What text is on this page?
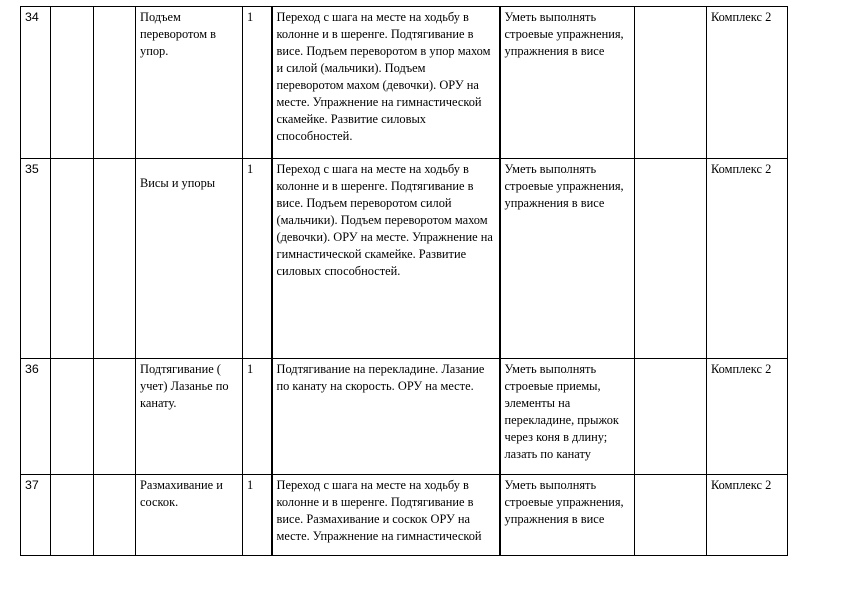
34			Подъем переворотом в упор.	1	Переход с шага на месте на ходьбу в колонне и в шеренге. Подтягивание в висе. Подъем переворотом в упор махом и силой (мальчики). Подъем переворотом махом (девочки). ОРУ на месте. Упражнение на гимнастической скамейке. Развитие силовых способностей.	Уметь выполнять строевые упражнения, упражнения в висе		Комплекс 2
35			Висы и упоры	1	Переход с шага на месте на ходьбу в колонне и в шеренге. Подтягивание в висе. Подъем переворотом силой (мальчики). Подъем переворотом махом (девочки). ОРУ на месте. Упражнение на гимнастической скамейке. Развитие силовых способностей.	Уметь выполнять строевые упражнения, упражнения в висе		Комплекс 2
36			Подтягивание ( учет) Лазанье по канату.	1	Подтягивание на перекладине. Лазание по канату на скорость. ОРУ на месте.	Уметь выполнять строевые приемы, элементы на перекладине, прыжок через коня в длину; лазать по канату		Комплекс 2
37			Размахивание и соскок.	1	Переход с шага на месте на ходьбу в колонне и в шеренге. Подтягивание в висе. Размахивание и соскок ОРУ на месте. Упражнение на гимнастической	Уметь выполнять строевые упражнения, упражнения в висе		Комплекс 2
